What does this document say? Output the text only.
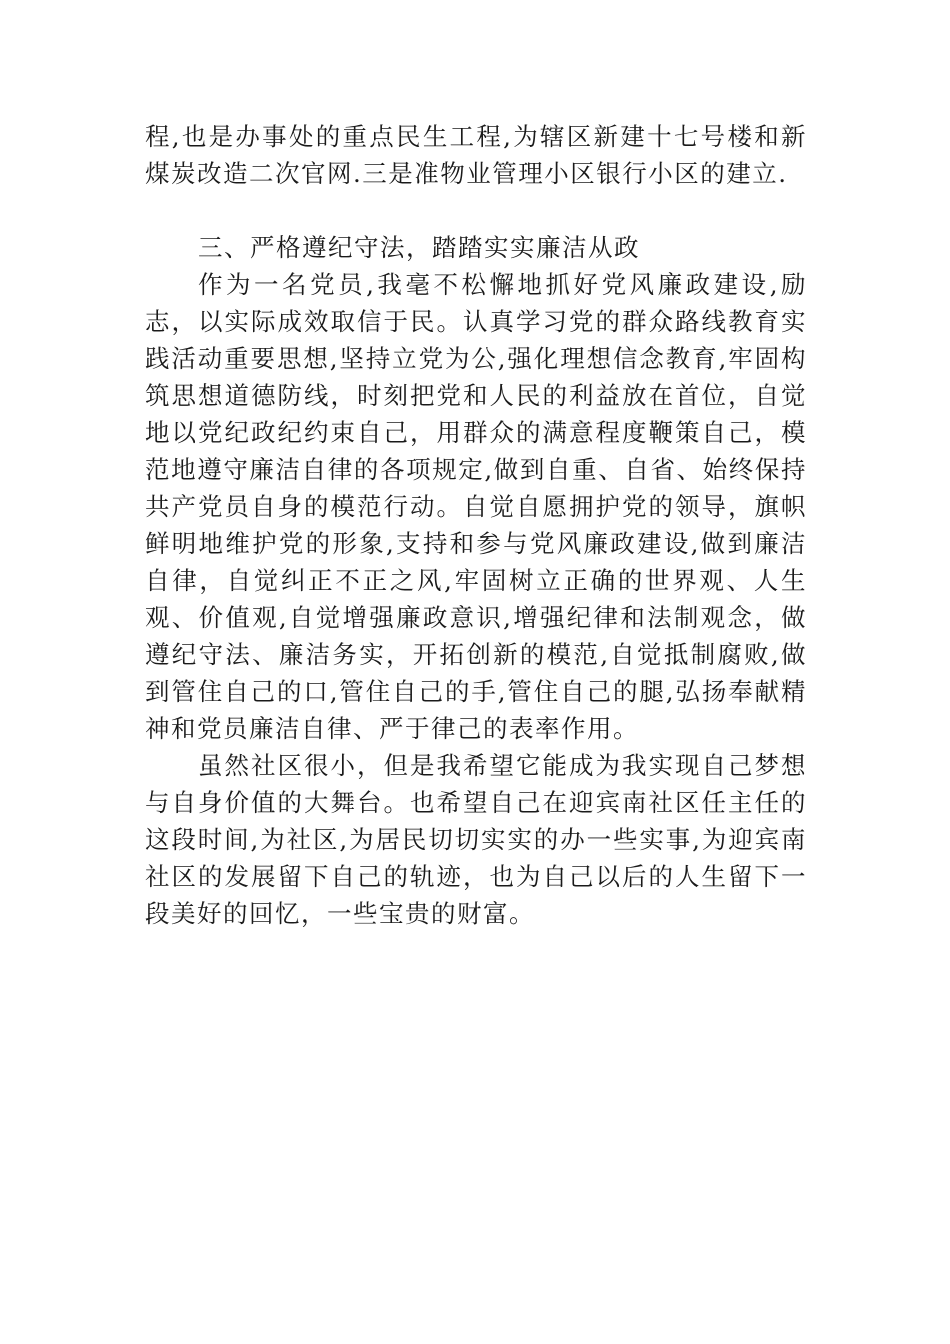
程,也是办事处的重点民生工程,为辖区新建十七号楼和新煤炭改造二次官网.三是准物业管理小区银行小区的建立.

三、严格遵纪守法，踏踏实实廉洁从政

作为一名党员,我毫不松懈地抓好党风廉政建设,励志，以实际成效取信于民。认真学习党的群众路线教育实践活动重要思想,坚持立党为公,强化理想信念教育,牢固构筑思想道德防线，时刻把党和人民的利益放在首位，自觉地以党纪政纪约束自己，用群众的满意程度鞭策自己，模范地遵守廉洁自律的各项规定,做到自重、自省、始终保持共产党员自身的模范行动。自觉自愿拥护党的领导，旗帜鲜明地维护党的形象,支持和参与党风廉政建设,做到廉洁自律，自觉纠正不正之风,牢固树立正确的世界观、人生观、价值观,自觉增强廉政意识,增强纪律和法制观念，做遵纪守法、廉洁务实，开拓创新的模范,自觉抵制腐败,做到管住自己的口,管住自己的手,管住自己的腿,弘扬奉献精神和党员廉洁自律、严于律己的表率作用。

虽然社区很小，但是我希望它能成为我实现自己梦想与自身价值的大舞台。也希望自己在迎宾南社区任主任的这段时间,为社区,为居民切切实实的办一些实事,为迎宾南社区的发展留下自己的轨迹，也为自己以后的人生留下一段美好的回忆，一些宝贵的财富。
